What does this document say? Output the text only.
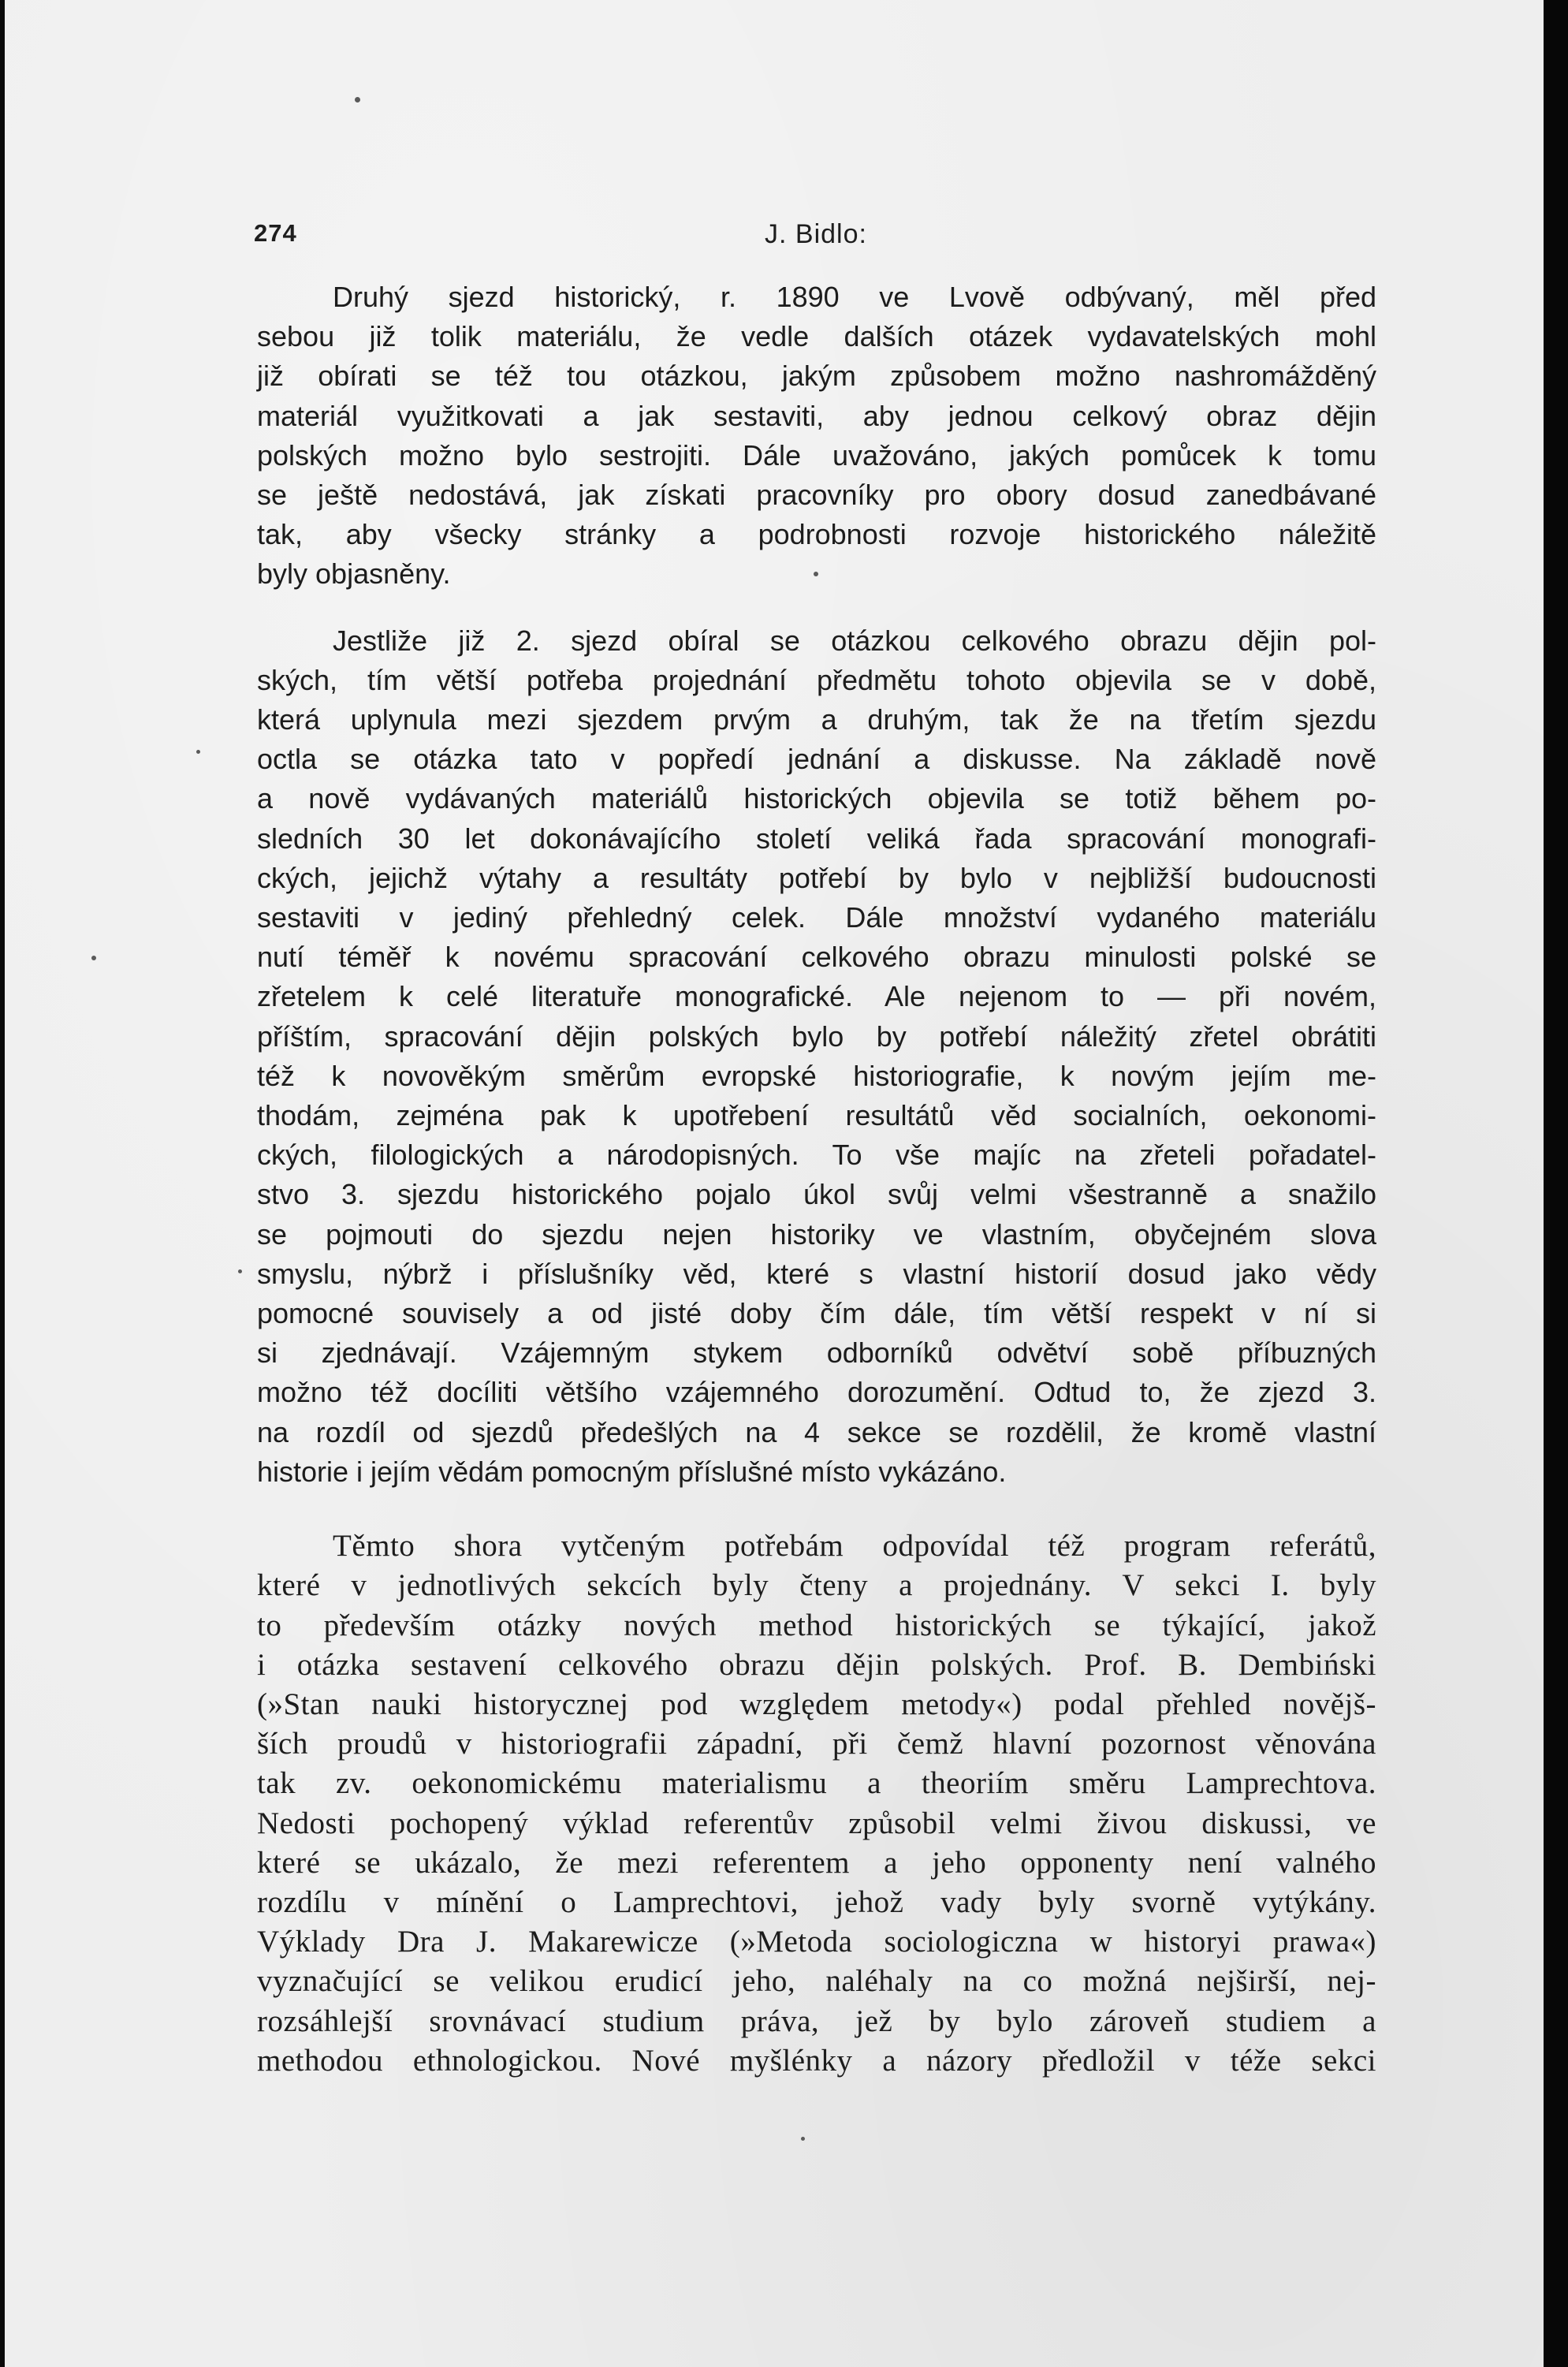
274	J. Bidlo:
Druhý sjezd historický, r. 1890 ve Lvově odbývaný, měl před
sebou již tolik materiálu, že vedle dalších otázek vydavatelských mohl
již obírati se též tou otázkou, jakým způsobem možno nashromážděný
materiál využitkovati a jak sestaviti, aby jednou celkový obraz dějin
polských možno bylo sestrojiti. Dále uvažováno, jakých pomůcek k tomu
se ještě nedostává, jak získati pracovníky pro obory dosud zanedbávané
tak, aby všecky stránky a podrobnosti rozvoje historického náležitě
byly objasněny.
Jestliže již 2. sjezd obíral se otázkou celkového obrazu dějin pol-
ských, tím větší potřeba projednání předmětu tohoto objevila se v době,
která uplynula mezi sjezdem prvým a druhým, tak že na třetím sjezdu
octla se otázka tato v popředí jednání a diskusse. Na základě nově
a nově vydávaných materiálů historických objevila se totiž během po-
sledních 30 let dokonávajícího století veliká řada spracování monografi-
ckých, jejichž výtahy a resultáty potřebí by bylo v nejbližší budoucnosti
sestaviti v jediný přehledný celek. Dále množství vydaného materiálu
nutí téměř k novému spracování celkového obrazu minulosti polské se
zřetelem k celé literatuře monografické. Ale nejenom to — při novém,
příštím, spracování dějin polských bylo by potřebí náležitý zřetel obrátiti
též k novověkým směrům evropské historiografie, k novým jejím me-
thodám, zejména pak k upotřebení resultátů věd socialních, oekonomi-
ckých, filologických a národopisných. To vše majíc na zřeteli pořadatel-
stvo 3. sjezdu historického pojalo úkol svůj velmi všestranně a snažilo
se pojmouti do sjezdu nejen historiky ve vlastním, obyčejném slova
smyslu, nýbrž i příslušníky věd, které s vlastní historií dosud jako vědy
pomocné souvisely a od jisté doby čím dále, tím větší respekt v ní si
si zjednávají. Vzájemným stykem odborníků odvětví sobě příbuzných
možno též docíliti většího vzájemného dorozumění. Odtud to, že zjezd 3.
na rozdíl od sjezdů předešlých na 4 sekce se rozdělil, že kromě vlastní
historie i jejím vědám pomocným příslušné místo vykázáno.
Těmto shora vytčeným potřebám odpovídal též program referátů,
které v jednotlivých sekcích byly čteny a projednány. V sekci I. byly
to především otázky nových method historických se týkající, jakož
i otázka sestavení celkového obrazu dějin polských. Prof. B. Dembiński
(»Stan nauki historycznej pod względem metody«) podal přehled novějš-
ších proudů v historiografii západní, při čemž hlavní pozornost věnována
tak zv. oekonomickému materialismu a theoriím směru Lamprechtova.
Nedosti pochopený výklad referentův způsobil velmi živou diskussi, ve
které se ukázalo, že mezi referentem a jeho opponenty není valného
rozdílu v mínění o Lamprechtovi, jehož vady byly svorně vytýkány.
Výklady Dra J. Makarewicze (»Metoda sociologiczna w historyi prawa«)
vyznačující se velikou erudicí jeho, naléhaly na co možná nejširší, nej-
rozsáhlejší srovnávací studium práva, jež by bylo zároveň studiem a
methodou ethnologickou. Nové myšlénky a názory předložil v téže sekci
